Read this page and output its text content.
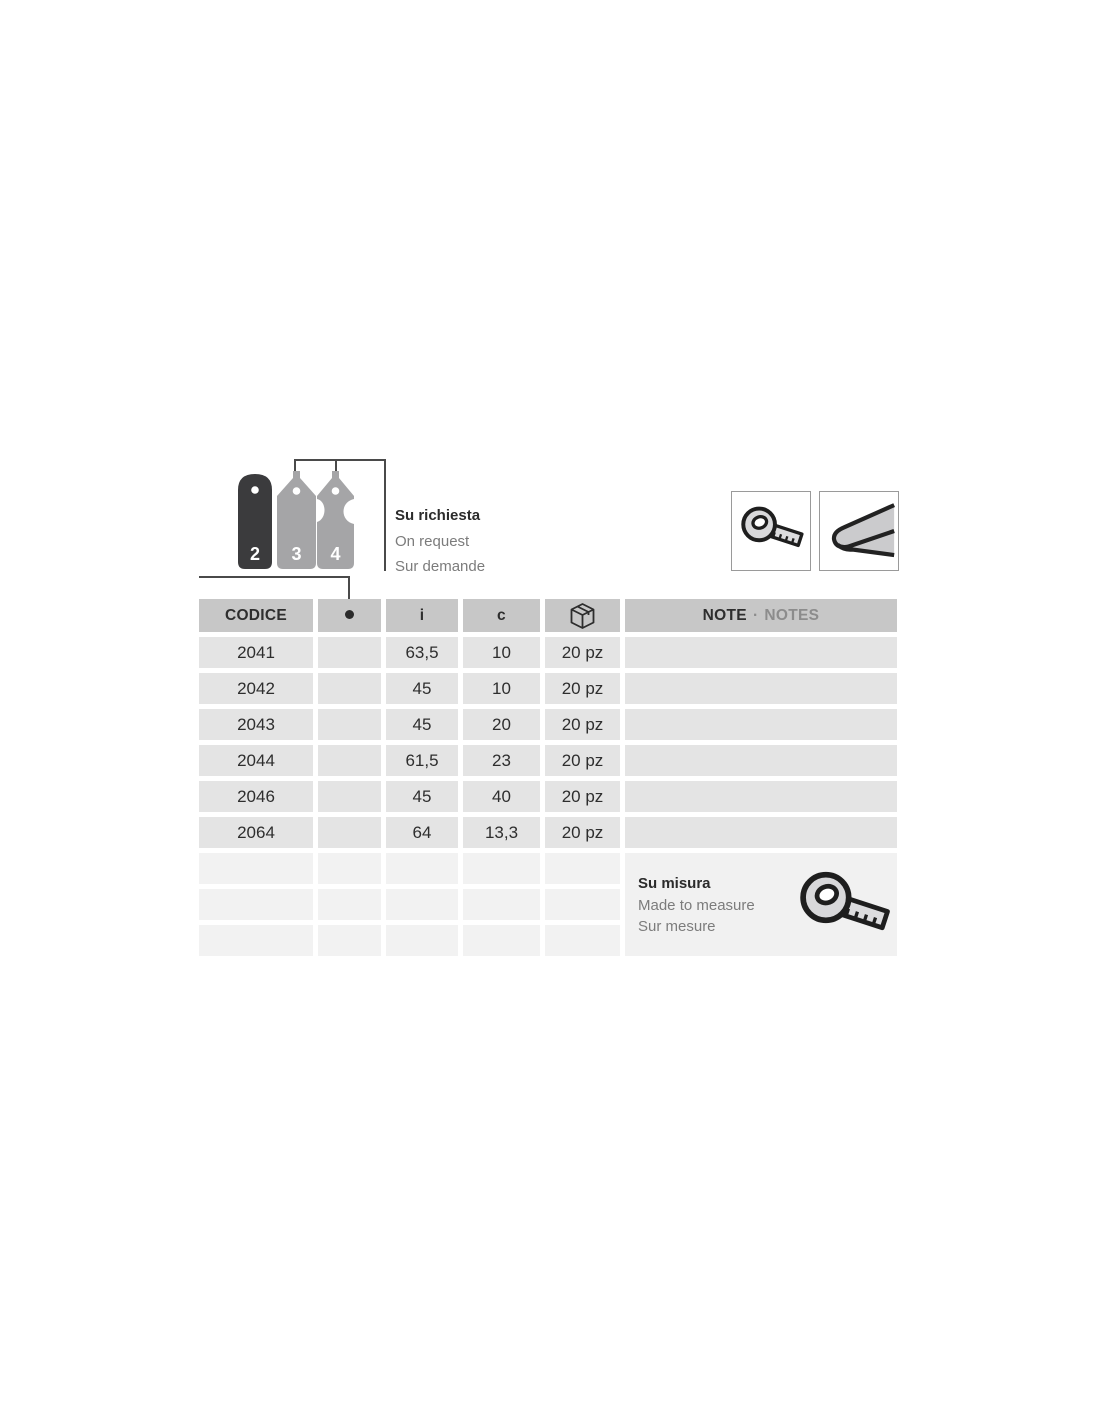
2	3	4
Su richiesta
On request
Sur demande
CODICE	i	c	NOTE · NOTES
2041	63,5	10	20 pz
2042	45	10	20 pz
2043	45	20	20 pz
2044	61,5	23	20 pz
2046	45	40	20 pz
2064	64	13,3	20 pz
Su misura
Made to measure
Sur mesure
